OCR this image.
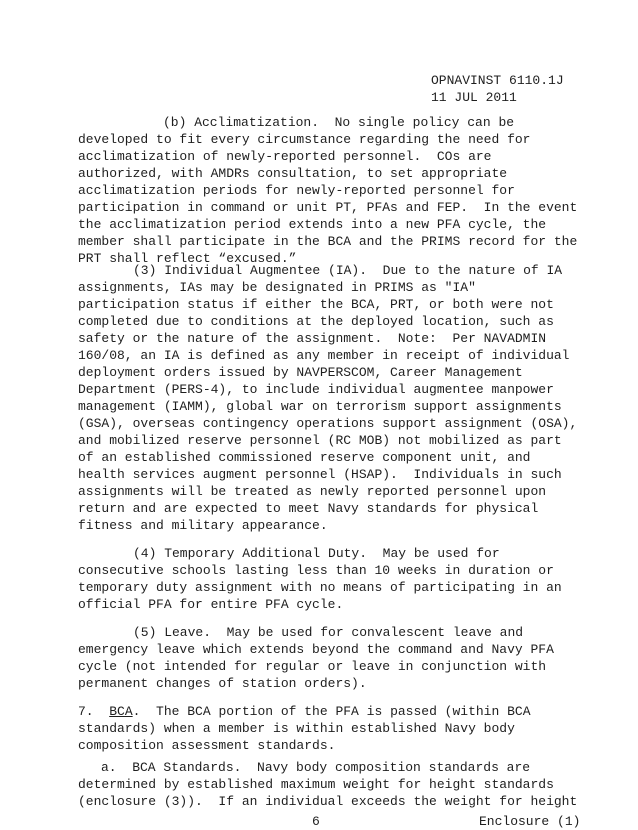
OPNAVINST 6110.1J
11 JUL 2011
(b) Acclimatization.  No single policy can be
developed to fit every circumstance regarding the need for
acclimatization of newly-reported personnel.  COs are
authorized, with AMDRs consultation, to set appropriate
acclimatization periods for newly-reported personnel for
participation in command or unit PT, PFAs and FEP.  In the event
the acclimatization period extends into a new PFA cycle, the
member shall participate in the BCA and the PRIMS record for the
PRT shall reflect “excused.”
(3) Individual Augmentee (IA).  Due to the nature of IA
assignments, IAs may be designated in PRIMS as "IA"
participation status if either the BCA, PRT, or both were not
completed due to conditions at the deployed location, such as
safety or the nature of the assignment.  Note:  Per NAVADMIN
160/08, an IA is defined as any member in receipt of individual
deployment orders issued by NAVPERSCOM, Career Management
Department (PERS-4), to include individual augmentee manpower
management (IAMM), global war on terrorism support assignments
(GSA), overseas contingency operations support assignment (OSA),
and mobilized reserve personnel (RC MOB) not mobilized as part
of an established commissioned reserve component unit, and
health services augment personnel (HSAP).  Individuals in such
assignments will be treated as newly reported personnel upon
return and are expected to meet Navy standards for physical
fitness and military appearance.
(4) Temporary Additional Duty.  May be used for
consecutive schools lasting less than 10 weeks in duration or
temporary duty assignment with no means of participating in an
official PFA for entire PFA cycle.
(5) Leave.  May be used for convalescent leave and
emergency leave which extends beyond the command and Navy PFA
cycle (not intended for regular or leave in conjunction with
permanent changes of station orders).
7.  BCA.  The BCA portion of the PFA is passed (within BCA
standards) when a member is within established Navy body
composition assessment standards.
a.  BCA Standards.  Navy body composition standards are
determined by established maximum weight for height standards
(enclosure (3)).  If an individual exceeds the weight for height
6	Enclosure (1)
